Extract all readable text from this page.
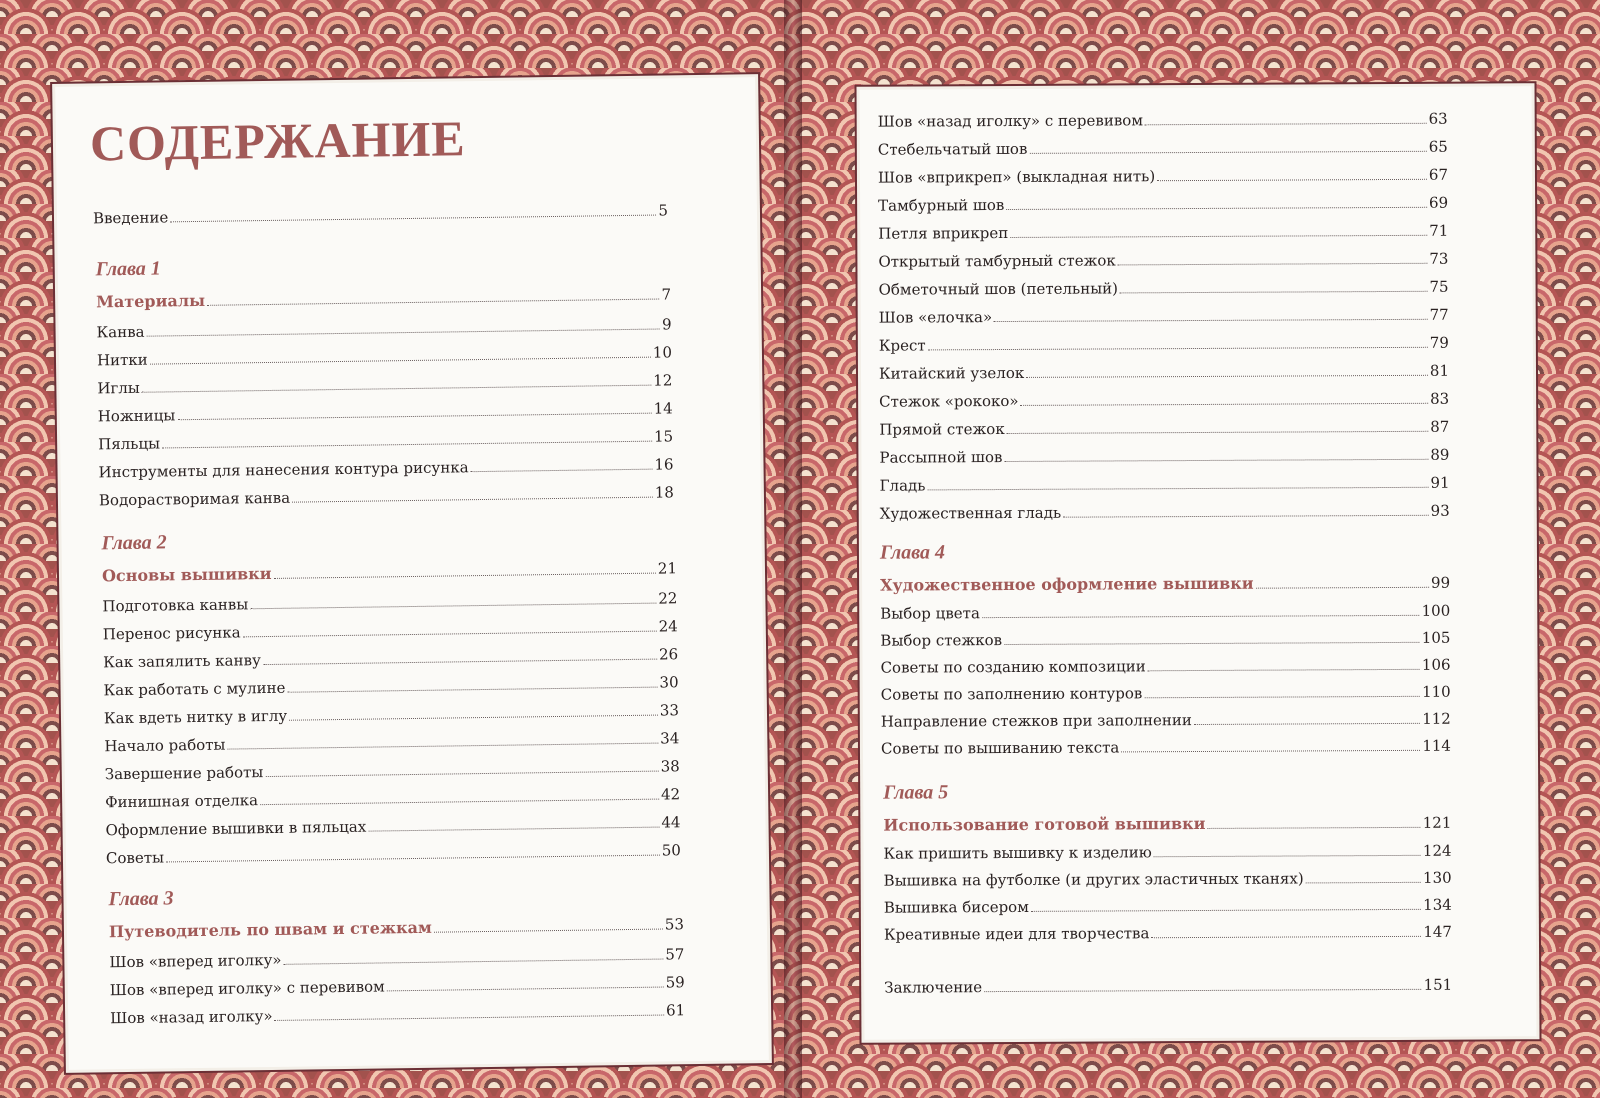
СОДЕРЖАНИЕ
Введение	5
Глава 1
Материалы	7
Канва	9
Нитки	10
Иглы	12
Ножницы	14
Пяльцы	15
Инструменты для нанесения контура рисунка	16
Водорастворимая канва	18
Глава 2
Основы вышивки	21
Подготовка канвы	22
Перенос рисунка	24
Как запялить канву	26
Как работать с мулине	30
Как вдеть нитку в иглу	33
Начало работы	34
Завершение работы	38
Финишная отделка	42
Оформление вышивки в пяльцах	44
Советы	50
Глава 3
Путеводитель по швам и стежкам	53
Шов «вперед иголку»	57
Шов «вперед иголку» с перевивом	59
Шов «назад иголку»	61
Шов «назад иголку» с перевивом	63
Стебельчатый шов	65
Шов «вприкреп» (выкладная нить)	67
Тамбурный шов	69
Петля вприкреп	71
Открытый тамбурный стежок	73
Обметочный шов (петельный)	75
Шов «елочка»	77
Крест	79
Китайский узелок	81
Стежок «рококо»	83
Прямой стежок	87
Рассыпной шов	89
Гладь	91
Художественная гладь	93
Глава 4
Художественное оформление вышивки	99
Выбор цвета	100
Выбор стежков	105
Советы по созданию композиции	106
Советы по заполнению контуров	110
Направление стежков при заполнении	112
Советы по вышиванию текста	114
Глава 5
Использование готовой вышивки	121
Как пришить вышивку к изделию	124
Вышивка на футболке (и других эластичных тканях)	130
Вышивка бисером	134
Креативные идеи для творчества	147
Заключение	151
